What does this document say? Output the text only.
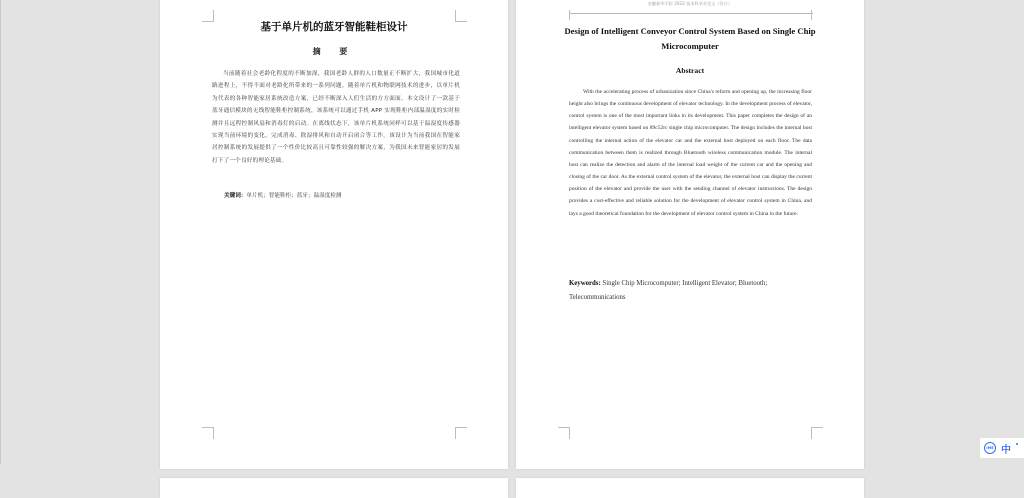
基于单片机的蓝牙智能鞋柜设计
摘 要
当前随着社会老龄化程度的不断加深，我国老龄人群的人口数量正不断扩大，我国城市化道路进程上，不得不面对老龄化所带来的一系列问题。随着单片机和物联网技术的进步，以单片机为代表的各种智能家居系统改造方案，已经不断深入人们生活的方方面面。本文设计了一款基于蓝牙通信模块的无线智能鞋柜控制系统，该系统可以通过手机 APP 实现鞋柜内部温湿度的实时检测并且远程控制风扇和消毒灯的启动。在离线状态下，该单片机系统同样可以基于温湿度传感器实现当前环境的变化，完成消毒、除湿排风和自动开启闭合等工作。该设计为当前我国在智能家居控制系统的发展提供了一个性价比较高且可靠性较强的解决方案，为我国未来智能家居的发展打下了一个良好的理论基础。
关键词：单片机；智能鞋柜；蓝牙；温湿度检测
安徽新华学院 2022 届本科毕业论文（设计）
Design of Intelligent Conveyor Control System Based on Single Chip Microcomputer
Abstract
With the accelerating process of urbanization since China's reform and opening up, the increasing floor height also brings the continuous development of elevator technology. In the development process of elevator, control system is one of the most important links in its development. This paper completes the design of an intelligent elevator system based on 89c52rc single chip microcomputer. The design includes the internal host controlling the internal action of the elevator car and the external host deployed on each floor. The data communication between them is realized through Bluetooth wireless communication module. The internal host can realize the detection and alarm of the internal load weight of the current car and the opening and closing of the car door. As the external control system of the elevator, the external host can display the current position of the elevator and provide the user with the sending channel of elevator instructions. The design provides a cost-effective and reliable solution for the development of elevator control system in China, and lays a good theoretical foundation for the development of elevator control system in China in the future.
Keywords: Single Chip Microcomputer; Intelligent Elevator; Bluetooth; Telecommunications
IME 中
